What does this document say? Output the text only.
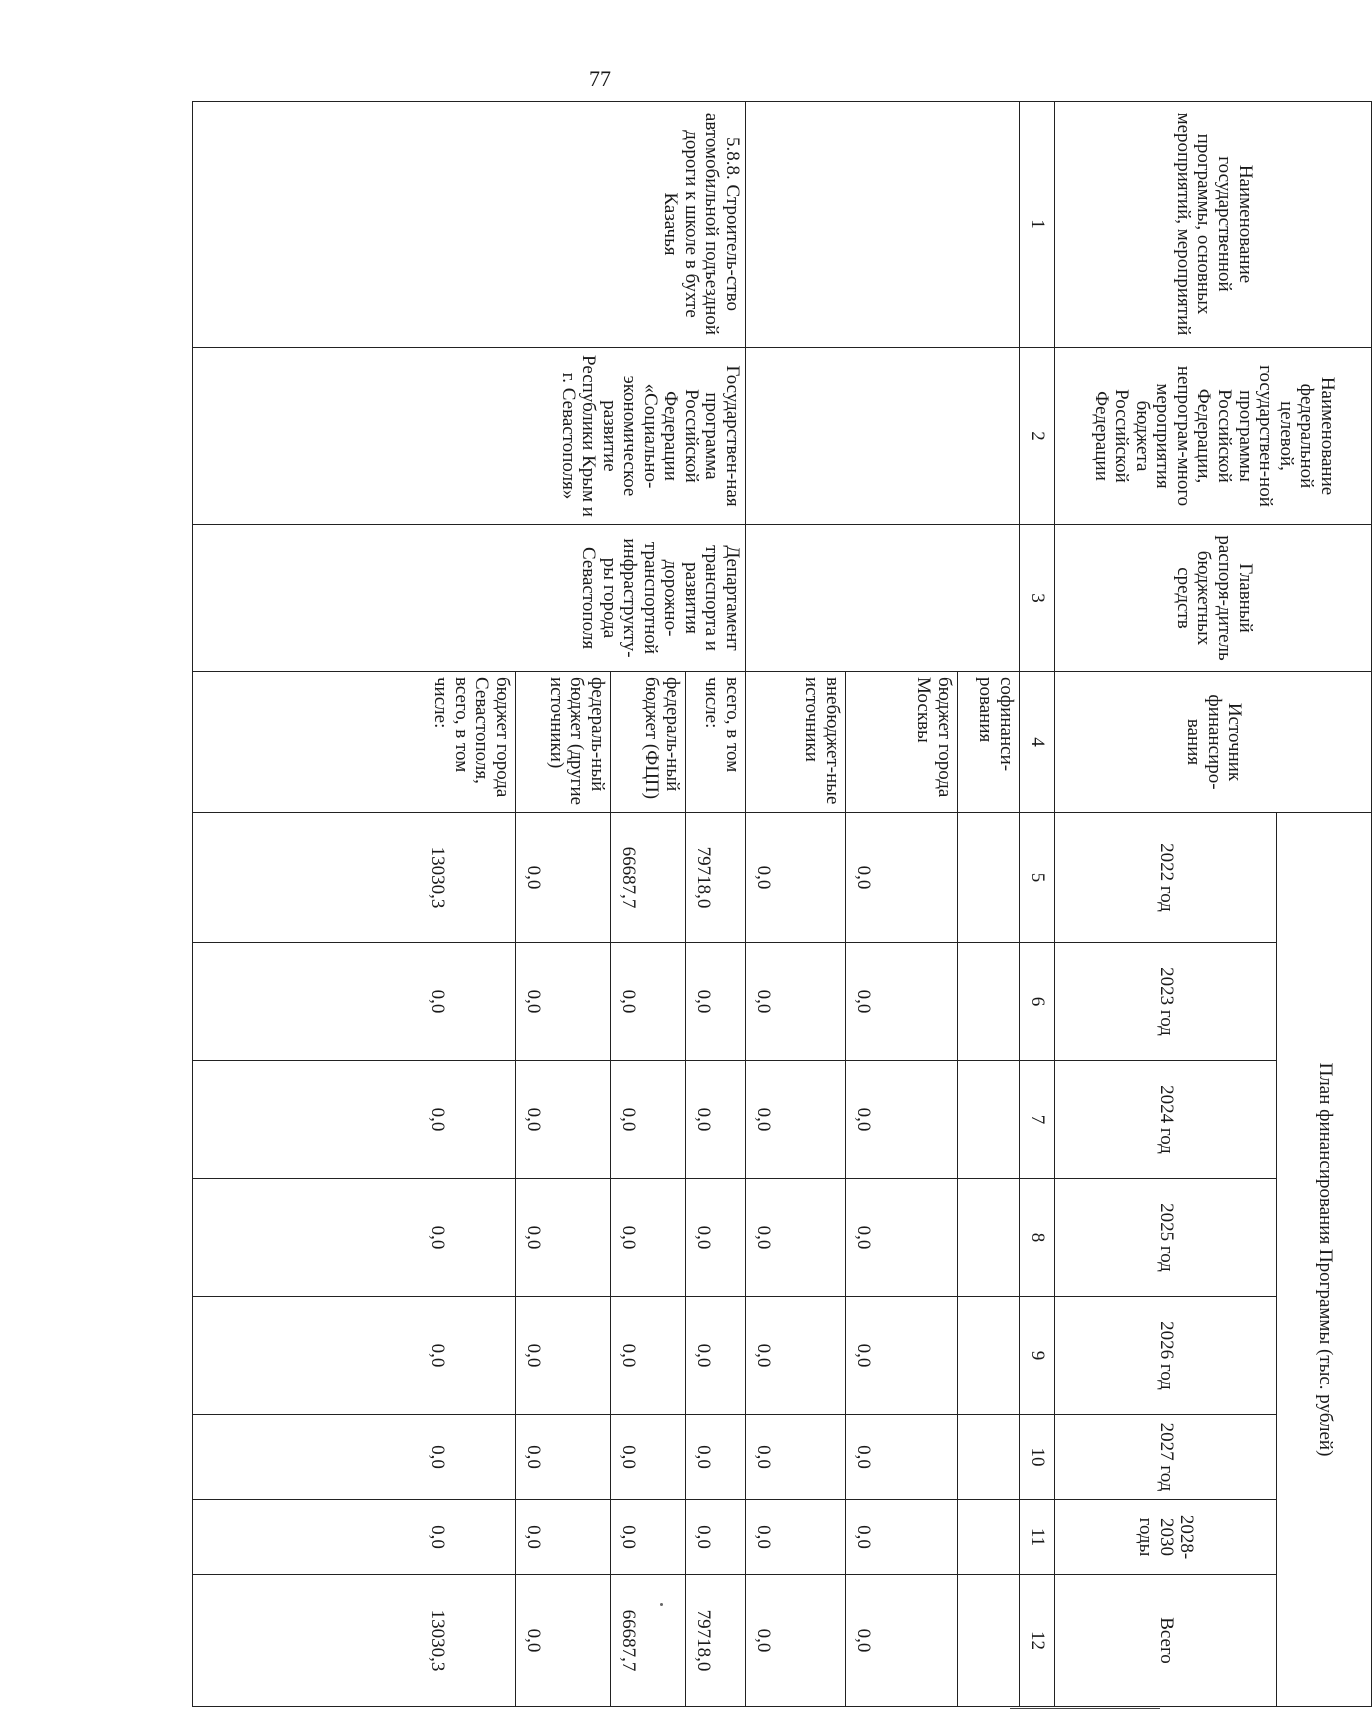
77
Наименование государственной программы, основных мероприятий, мероприятий
Наименование федеральной целевой, государствен-ной программы Российской Федерации, непрограм-много мероприятия бюджета Российской Федерации
Главный распоря-дитель бюджетных средств
Источник финансиро-вания
План финансирования Программы (тыс. рублей)
2022 год
2023 год
2024 год
2025 год
2026 год
2027 год
2028-2030 годы
Всего
1
2
3
4
5
6
7
8
9
10
11
12
софинанси-рования
бюджет города Москвы
0,0
0,0
0,0
0,0
0,0
0,0
0,0
0,0
внебюджет-ные источники
0,0
0,0
0,0
0,0
0,0
0,0
0,0
0,0
5.8.8. Строитель-ство автомобильной подъездной дороги к школе в бухте Казачья
Государствен-ная программа Российской Федерации «Социально-экономическое развитие Республики Крым и г. Севастополя»
Департамент транспорта и развития дорожно-транспортной инфраструкту-ры города Севастополя
всего, в том числе:
79718,0
0,0
0,0
0,0
0,0
0,0
0,0
79718,0
федераль-ный бюджет (ФЦП)
66687,7
0,0
0,0
0,0
0,0
0,0
0,0
66687,7
федераль-ный бюджет (другие источники)
0,0
0,0
0,0
0,0
0,0
0,0
0,0
0,0
бюджет города Севастополя, всего, в том числе:
13030,3
0,0
0,0
0,0
0,0
0,0
0,0
13030,3
